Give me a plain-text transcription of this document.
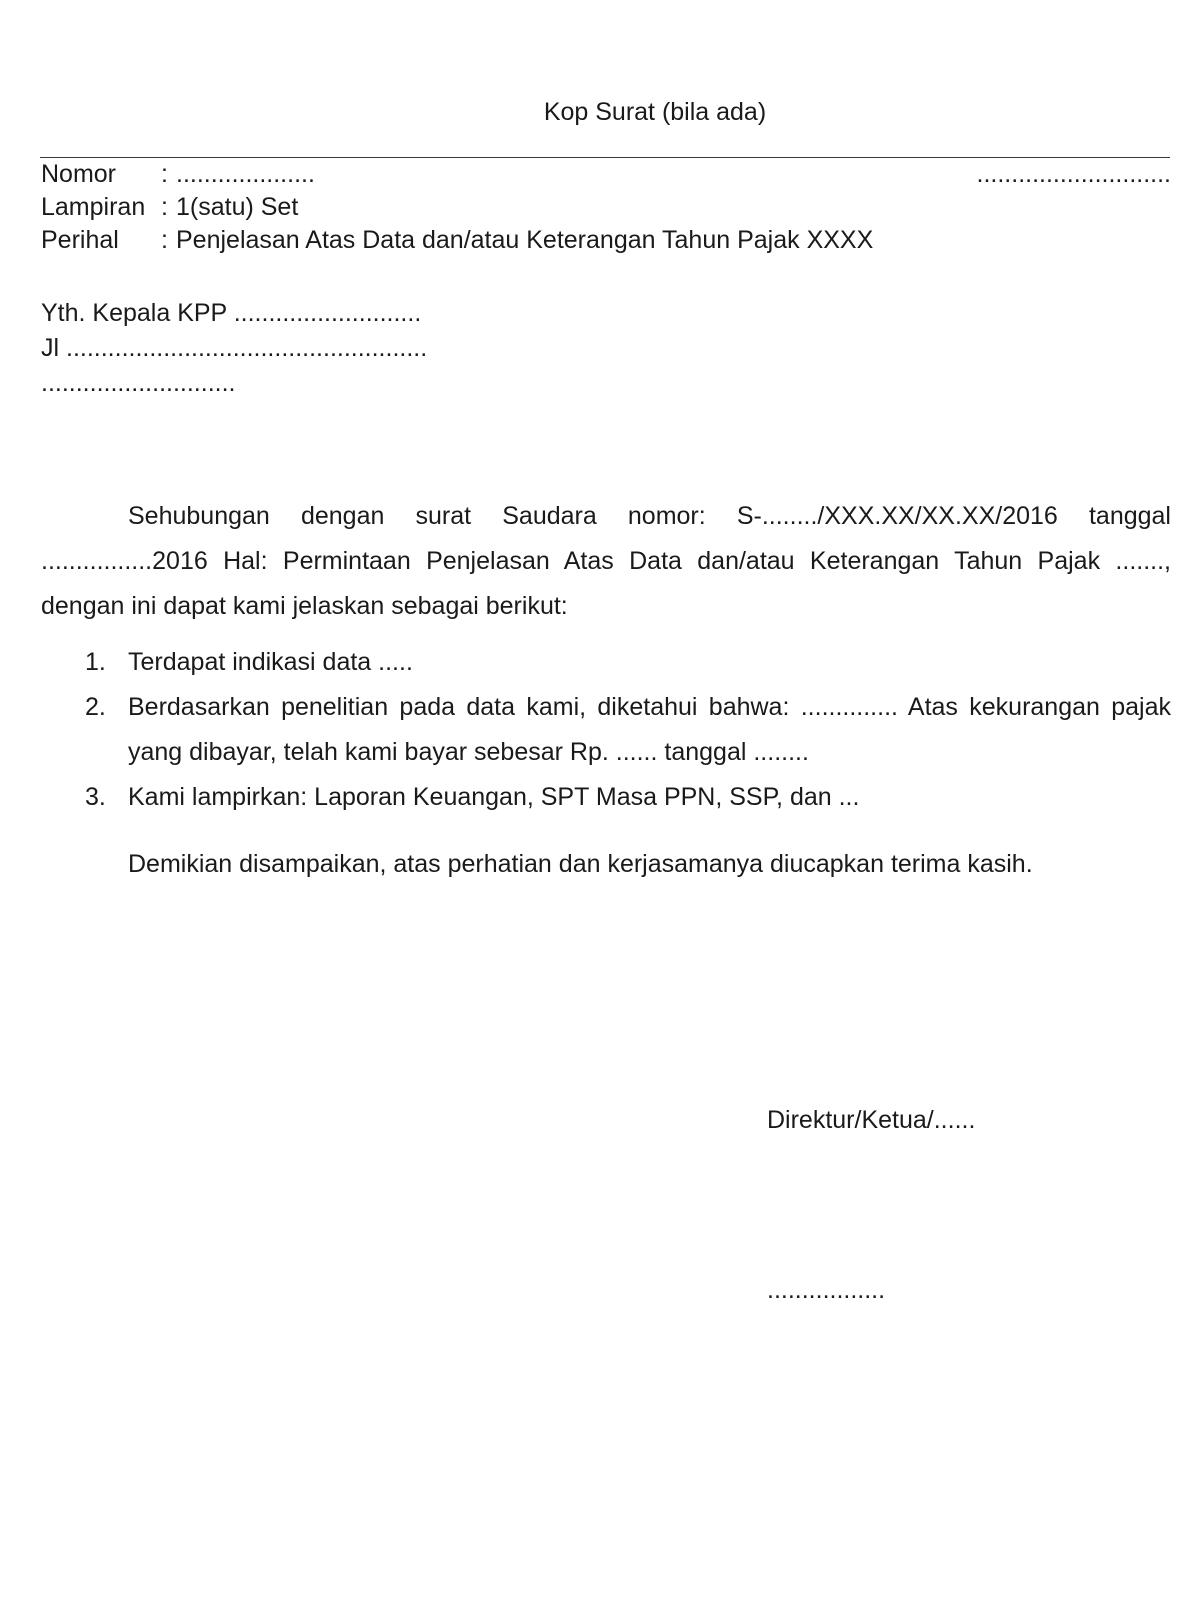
Kop Surat (bila ada)
Nomor : ....................	............................
Lampiran : 1(satu) Set
Perihal : Penjelasan Atas Data dan/atau Keterangan Tahun Pajak XXXX
Yth. Kepala KPP ...........................
Jl ....................................................
............................
Sehubungan dengan surat Saudara nomor: S-......../XXX.XX/XX.XX/2016 tanggal ................2016 Hal: Permintaan Penjelasan Atas Data dan/atau Keterangan Tahun Pajak ......., dengan ini dapat kami jelaskan sebagai berikut:
1. Terdapat indikasi data .....
2. Berdasarkan penelitian pada data kami, diketahui bahwa: .............. Atas kekurangan pajak yang dibayar, telah kami bayar sebesar Rp. ...... tanggal ........
3. Kami lampirkan: Laporan Keuangan, SPT Masa PPN, SSP, dan ...
Demikian disampaikan, atas perhatian dan kerjasamanya diucapkan terima kasih.
Direktur/Ketua/......
.................
